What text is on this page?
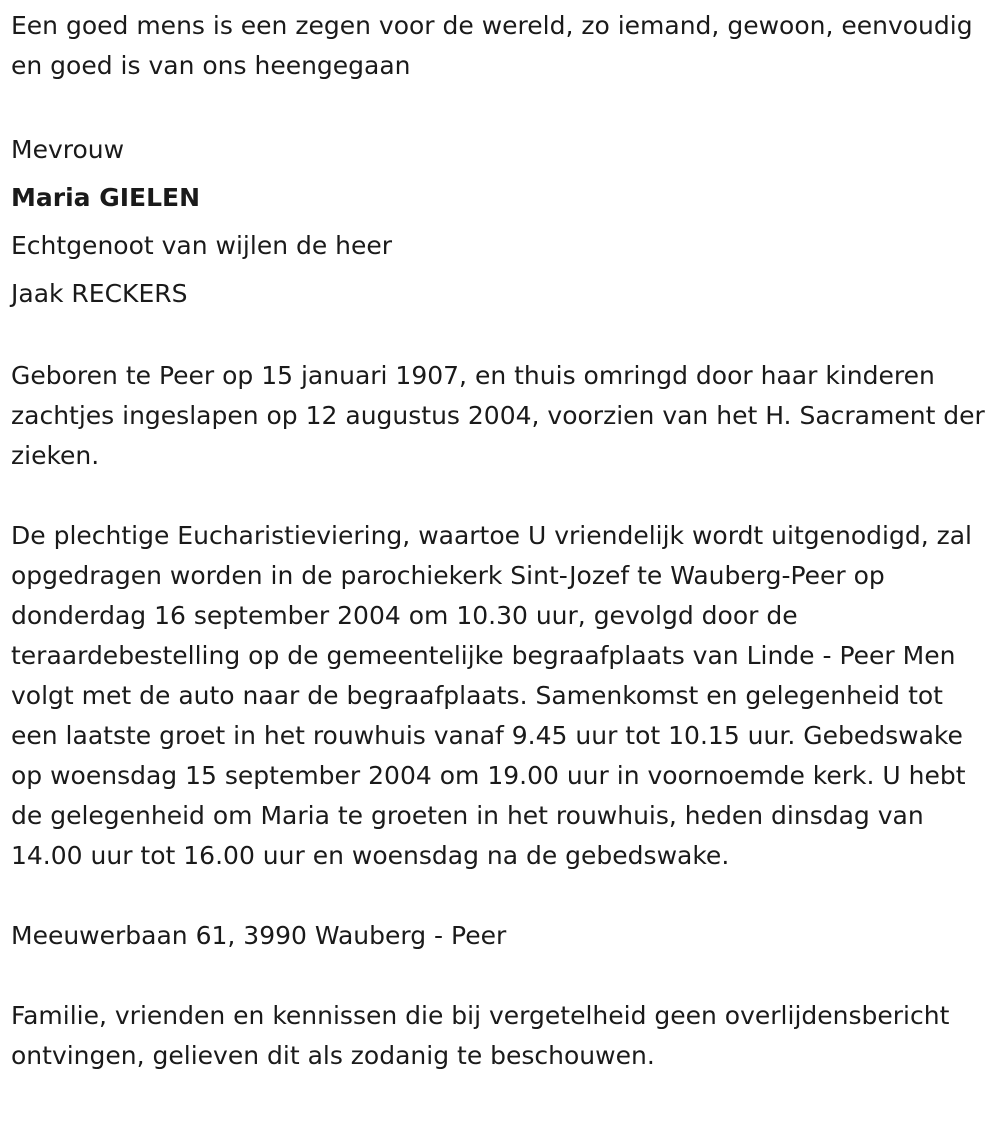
Een goed mens is een zegen voor de wereld, zo iemand, gewoon, eenvoudig en goed is van ons heengegaan

Mevrouw

Maria GIELEN

Echtgenoot van wijlen de heer

Jaak RECKERS

Geboren te Peer op 15 januari 1907, en thuis omringd door haar kinderen zachtjes ingeslapen op 12 augustus 2004, voorzien van het H. Sacrament der zieken.

De plechtige Eucharistieviering, waartoe U vriendelijk wordt uitgenodigd, zal opgedragen worden in de parochiekerk Sint-Jozef te Wauberg-Peer op donderdag 16 september 2004 om 10.30 uur, gevolgd door de teraardebestelling op de gemeentelijke begraafplaats van Linde - Peer Men volgt met de auto naar de begraafplaats. Samenkomst en gelegenheid tot een laatste groet in het rouwhuis vanaf 9.45 uur tot 10.15 uur. Gebedswake op woensdag 15 september 2004 om 19.00 uur in voornoemde kerk. U hebt de gelegenheid om Maria te groeten in het rouwhuis, heden dinsdag van 14.00 uur tot 16.00 uur en woensdag na de gebedswake.

Meeuwerbaan 61, 3990 Wauberg - Peer

Familie, vrienden en kennissen die bij vergetelheid geen overlijdensbericht ontvingen, gelieven dit als zodanig te beschouwen.
